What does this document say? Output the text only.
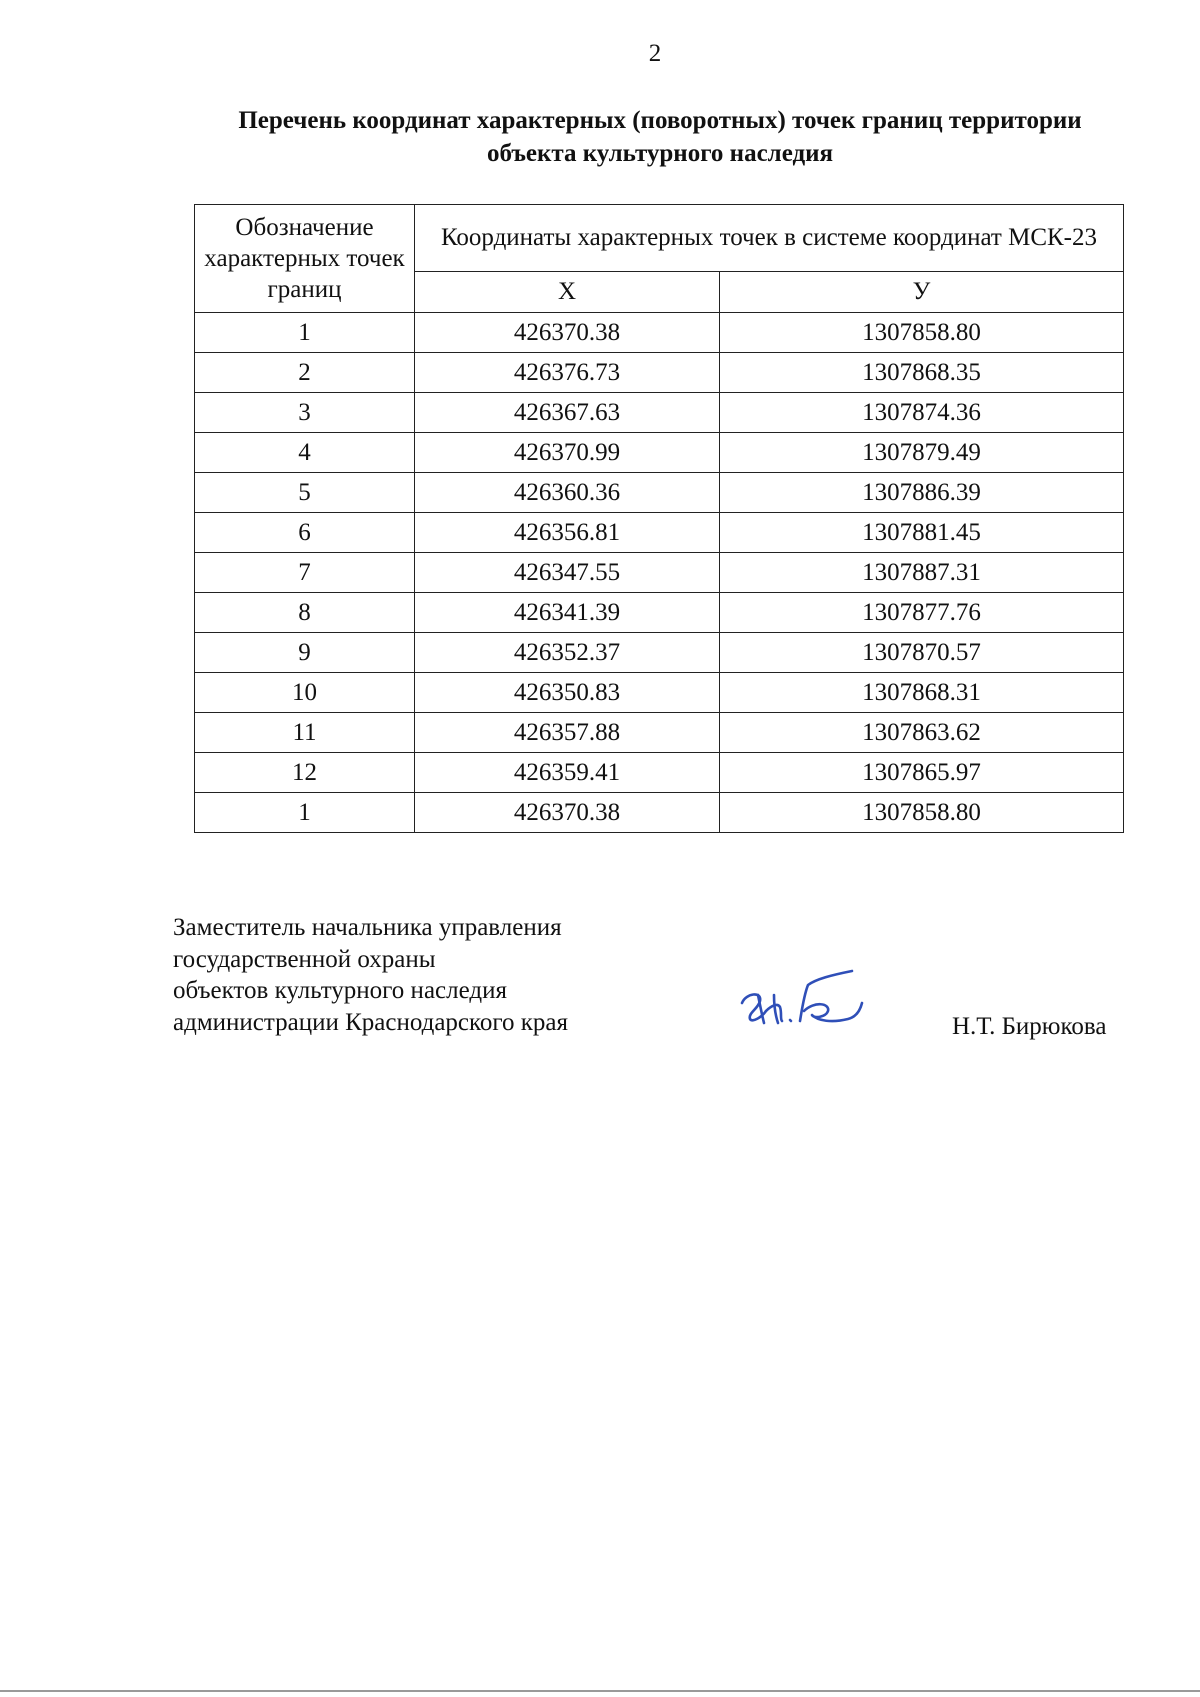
2
Перечень координат характерных (поворотных) точек границ территории
объекта культурного наследия
Обозначение характерных точек границ	Координаты характерных точек в системе координат МСК-23	
	X	У
1	426370.38	1307858.80
2	426376.73	1307868.35
3	426367.63	1307874.36
4	426370.99	1307879.49
5	426360.36	1307886.39
6	426356.81	1307881.45
7	426347.55	1307887.31
8	426341.39	1307877.76
9	426352.37	1307870.57
10	426350.83	1307868.31
11	426357.88	1307863.62
12	426359.41	1307865.97
1	426370.38	1307858.80
Заместитель начальника управления
государственной охраны
объектов культурного наследия
администрации Краснодарского края	Н.Т. Бирюкова
